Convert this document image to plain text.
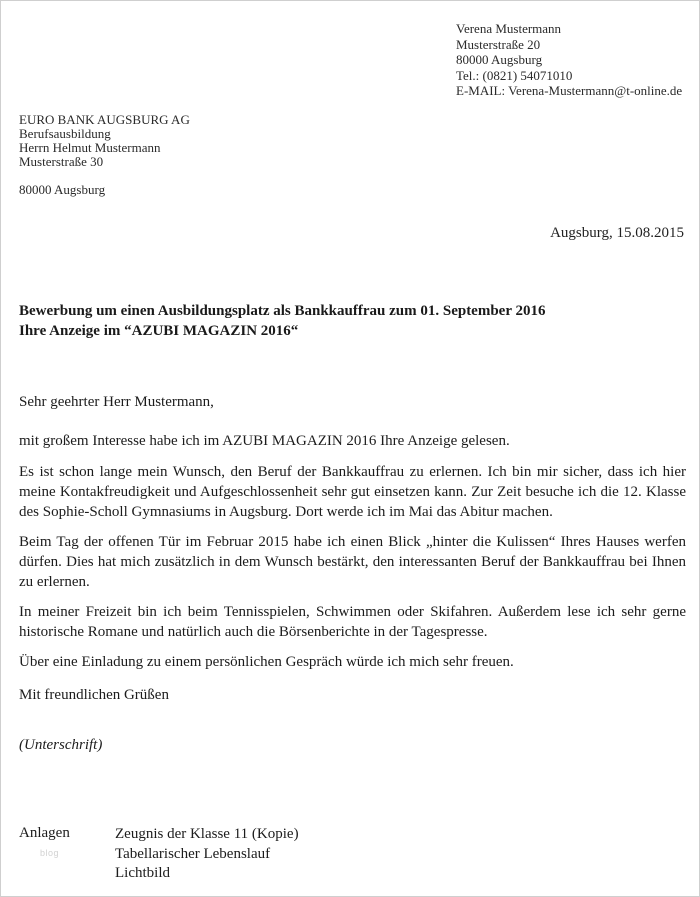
Verena Mustermann
Musterstraße 20
80000 Augsburg
Tel.: (0821) 54071010
E-MAIL: Verena-Mustermann@t-online.de
EURO BANK AUGSBURG AG
Berufsausbildung
Herrn Helmut Mustermann
Musterstraße 30
80000 Augsburg
Augsburg, 15.08.2015
Bewerbung um einen Ausbildungsplatz als Bankkauffrau zum 01. September 2016
Ihre Anzeige im “AZUBI MAGAZIN 2016“
Sehr geehrter Herr Mustermann,

mit großem Interesse habe ich im AZUBI MAGAZIN 2016 Ihre Anzeige gelesen.

Es ist schon lange mein Wunsch, den Beruf der Bankkauffrau zu erlernen. Ich bin mir sicher, dass ich hier meine Kontakfreudigkeit und Aufgeschlossenheit sehr gut einsetzen kann. Zur Zeit besuche ich die 12. Klasse des Sophie-Scholl Gymnasiums in Augsburg. Dort werde ich im Mai das Abitur machen.

Beim Tag der offenen Tür im Februar 2015 habe ich einen Blick „hinter die Kulissen“ Ihres Hauses werfen dürfen. Dies hat mich zusätzlich in dem Wunsch bestärkt, den interessanten Beruf der Bankkauffrau bei Ihnen zu erlernen.

In meiner Freizeit bin ich beim Tennisspielen, Schwimmen oder Skifahren. Außerdem lese ich sehr gerne historische Romane und natürlich auch die Börsenberichte in der Tagespresse.

Über eine Einladung zu einem persönlichen Gespräch würde ich mich sehr freuen.

Mit freundlichen Grüßen
(Unterschrift)
Anlagen	Zeugnis der Klasse 11 (Kopie)
Tabellarischer Lebenslauf
Lichtbild
blog
